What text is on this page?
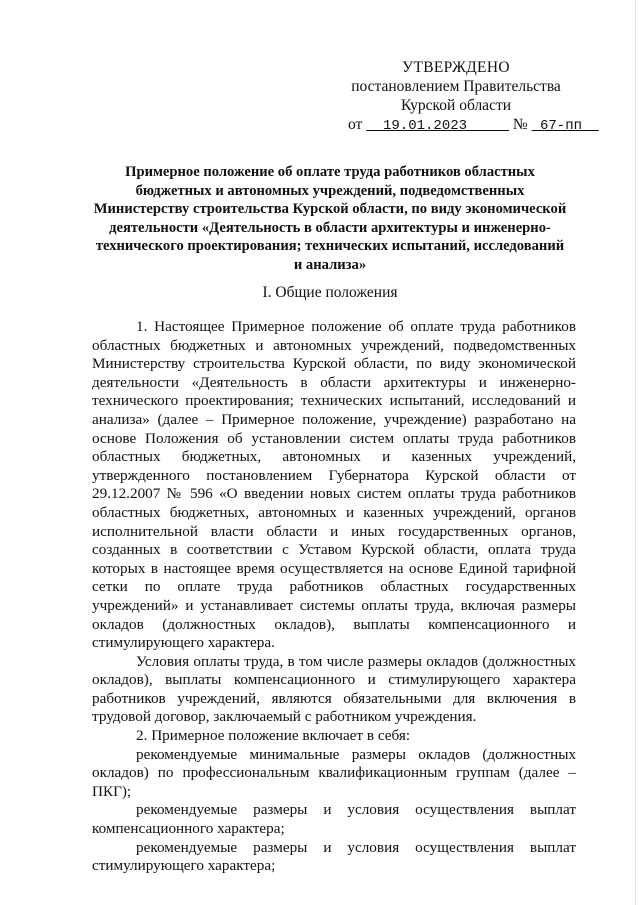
УТВЕРЖДЕНО
постановлением Правительства
Курской области
от 19.01.2023	№ 67-пп
Примерное положение об оплате труда работников областных бюджетных и автономных учреждений, подведомственных Министерству строительства Курской области, по виду экономической деятельности «Деятельность в области архитектуры и инженерно-технического проектирования; технических испытаний, исследований и анализа»
I. Общие положения

1. Настоящее Примерное положение об оплате труда работников областных бюджетных и автономных учреждений, подведомственных Министерству строительства Курской области, по виду экономической деятельности «Деятельность в области архитектуры и инженерно-технического проектирования; технических испытаний, исследований и анализа» (далее – Примерное положение, учреждение) разработано на основе Положения об установлении систем оплаты труда работников областных бюджетных, автономных и казенных учреждений, утвержденного постановлением Губернатора Курской области от 29.12.2007 № 596 «О введении новых систем оплаты труда работников областных бюджетных, автономных и казенных учреждений, органов исполнительной власти области и иных государственных органов, созданных в соответствии с Уставом Курской области, оплата труда которых в настоящее время осуществляется на основе Единой тарифной сетки по оплате труда работников областных государственных учреждений» и устанавливает системы оплаты труда, включая размеры окладов (должностных окладов), выплаты компенсационного и стимулирующего характера.

Условия оплаты труда, в том числе размеры окладов (должностных окладов), выплаты компенсационного и стимулирующего характера работников учреждений, являются обязательными для включения в трудовой договор, заключаемый с работником учреждения.

2. Примерное положение включает в себя:

рекомендуемые минимальные размеры окладов (должностных окладов) по профессиональным квалификационным группам (далее – ПКГ);

рекомендуемые размеры и условия осуществления выплат компенсационного характера;

рекомендуемые размеры и условия осуществления выплат стимулирующего характера;
